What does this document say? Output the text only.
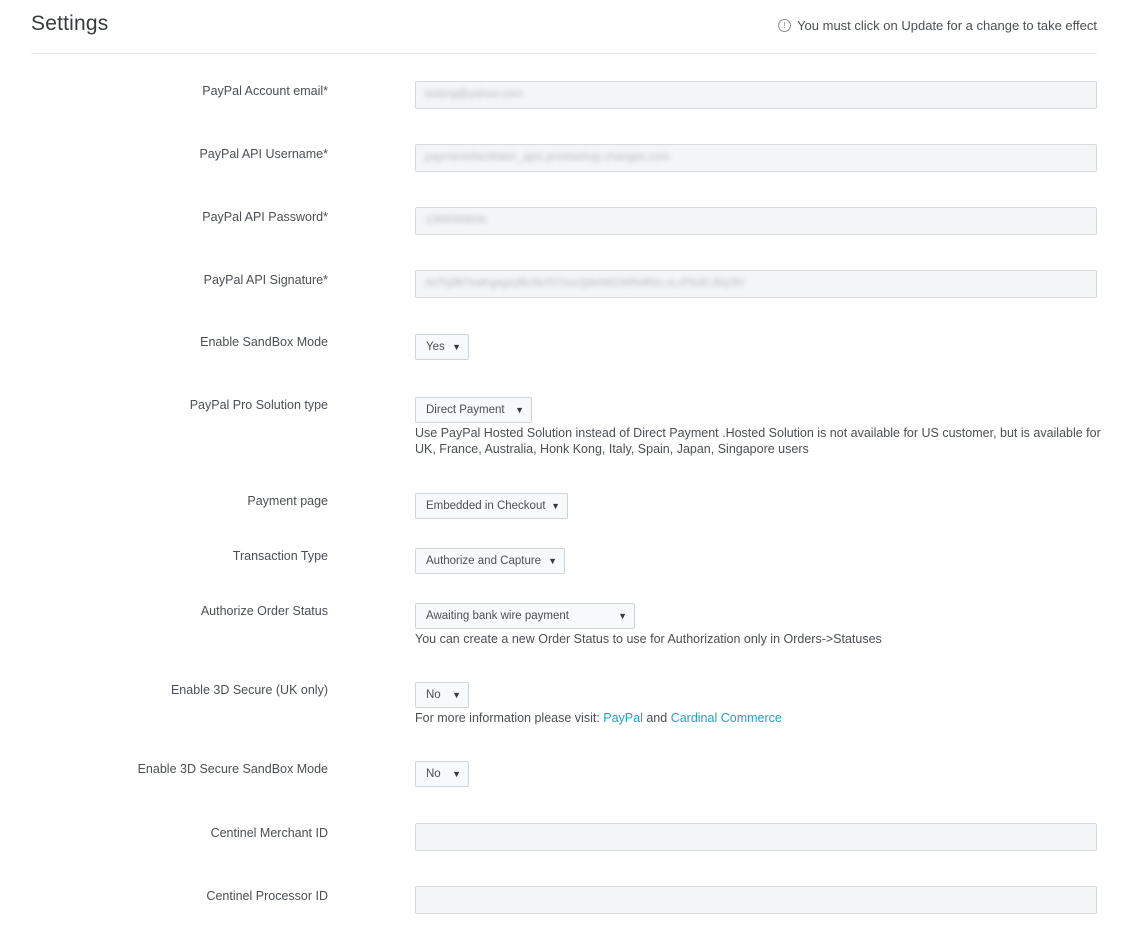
Settings	! You must click on Update for a change to take effect
PayPal Account email*	testing@yahoo.com
PayPal API Username*	paymentsfacilitator_api1.prestashop.changes.com
PayPal API Password*	1365099834
PayPal API Signature*	AnTsjiBl7eaKgagzyBc8eXt7oso2jdoNEDMNdRtn.vLcPAdCJkiy3H
Enable SandBox Mode	Yes ▼
PayPal Pro Solution type	Direct Payment ▼
Use PayPal Hosted Solution instead of Direct Payment .Hosted Solution is not available for US customer, but is available for UK, France, Australia, Honk Kong, Italy, Spain, Japan, Singapore users
Payment page	Embedded in Checkout ▼
Transaction Type	Authorize and Capture ▼
Authorize Order Status	Awaiting bank wire payment	▼
You can create a new Order Status to use for Authorization only in Orders->Statuses
Enable 3D Secure (UK only)	No ▼
For more information please visit: PayPal and Cardinal Commerce
Enable 3D Secure SandBox Mode	No ▼
Centinel Merchant ID
Centinel Processor ID
